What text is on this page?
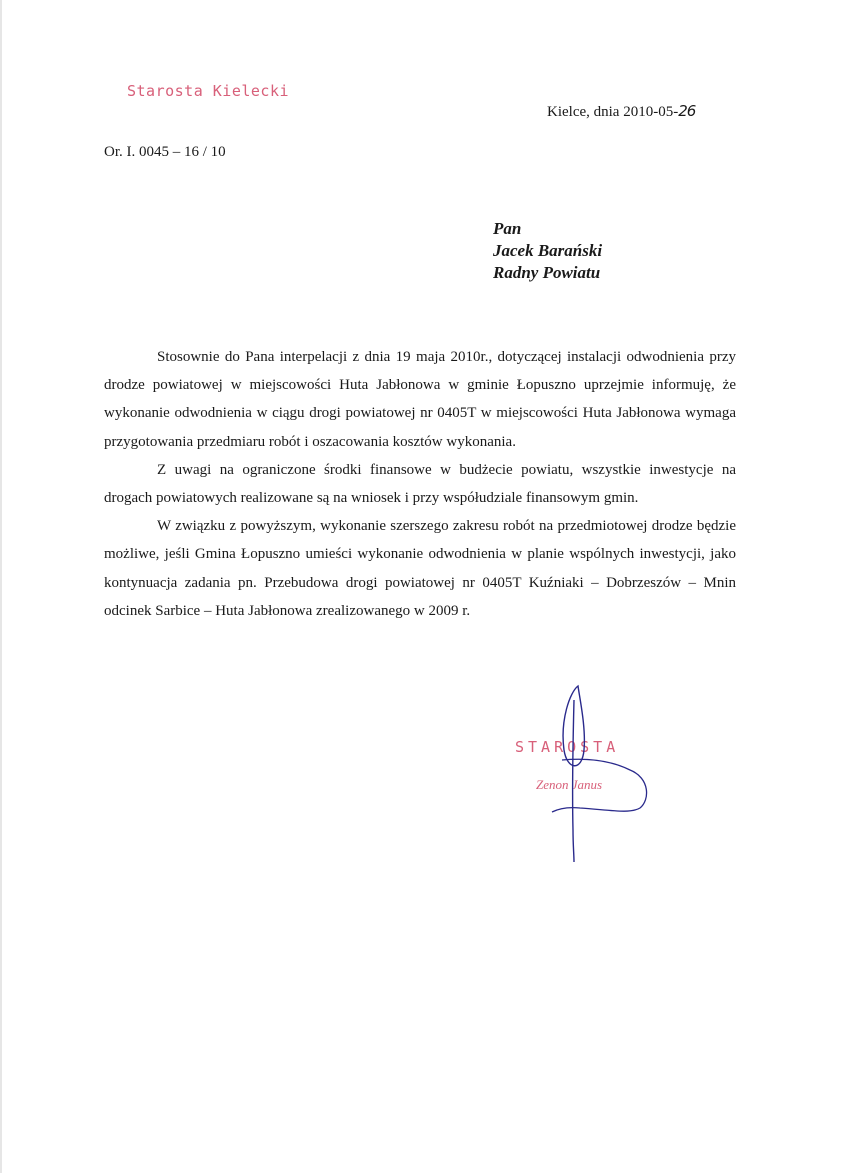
Starosta Kielecki
Kielce, dnia 2010-05-26
Or. I. 0045 – 16 / 10
Pan
Jacek Barański
Radny Powiatu

Stosownie do Pana interpelacji z dnia 19 maja 2010r., dotyczącej instalacji odwodnienia przy drodze powiatowej w miejscowości Huta Jabłonowa w gminie Łopuszno uprzejmie informuję, że wykonanie odwodnienia w ciągu drogi powiatowej nr 0405T w miejscowości Huta Jabłonowa wymaga przygotowania przedmiaru robót i oszacowania kosztów wykonania.

Z uwagi na ograniczone środki finansowe w budżecie powiatu, wszystkie inwestycje na drogach powiatowych realizowane są na wniosek i przy współudziale finansowym gmin.

W związku z powyższym, wykonanie szerszego zakresu robót na przedmiotowej drodze będzie możliwe, jeśli Gmina Łopuszno umieści wykonanie odwodnienia w planie wspólnych inwestycji, jako kontynuacja zadania pn. Przebudowa drogi powiatowej nr 0405T Kuźniaki – Dobrzeszów – Mnin odcinek Sarbice – Huta Jabłonowa zrealizowanego w 2009 r.

STAROSTA
Zenon Janus
